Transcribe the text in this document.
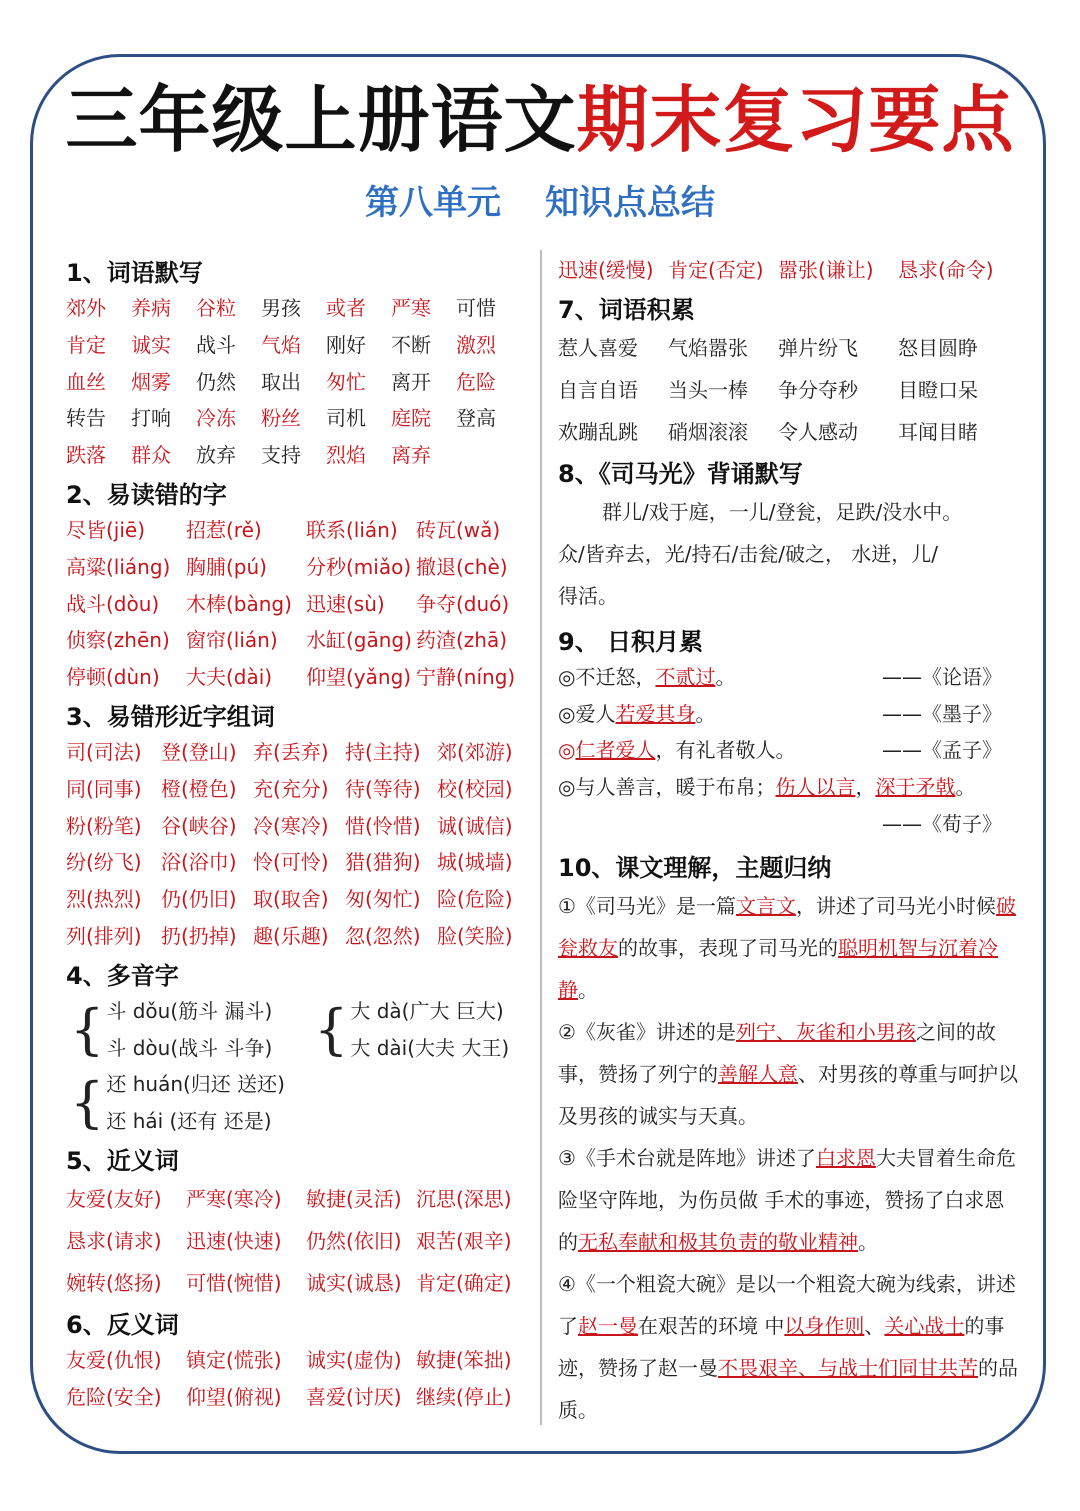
三年级上册语文期末复习要点
第八单元 知识点总结
1、词语默写
郊外	养病	谷粒	男孩	或者	严寒	可惜
肯定	诚实	战斗	气焰	刚好	不断	激烈
血丝	烟雾	仍然	取出	匆忙	离开	危险
转告	打响	冷冻	粉丝	司机	庭院	登高
跌落	群众	放弃	支持	烈焰	离弃
2、易读错的字
尽皆(jiē)	招惹(rě)	联系(lián) 砖瓦(wǎ)
高粱(liáng) 胸脯(pú)	分秒(miǎo) 撤退(chè)
战斗(dòu)	木棒(bàng) 迅速(sù)	争夺(duó)
侦察(zhēn) 窗帘(lián)	水缸(gāng) 药渣(zhā)
停顿(dùn)	大夫(dài)	仰望(yǎng) 宁静(níng)
3、易错形近字组词
司(司法) 登(登山) 弃(丢弃) 持(主持) 郊(郊游)
同(同事) 橙(橙色) 充(充分) 待(等待) 校(校园)
粉(粉笔) 谷(峡谷) 冷(寒冷) 惜(怜惜) 诚(诚信)
纷(纷飞) 浴(浴巾) 怜(可怜) 猎(猎狗) 城(城墙)
烈(热烈) 仍(仍旧) 取(取舍) 匆(匆忙) 险(危险)
列(排列) 扔(扔掉) 趣(乐趣) 忽(忽然) 脸(笑脸)
4、多音字
{ 斗 dǒu(筋斗 漏斗)
斗 dòu(战斗 斗争) { 大 dà(广大 巨大)
大 dài(大夫 大王)
{ 还 huán(归还 送还)
还 hái (还有 还是)
5、近义词
友爱(友好)	严寒(寒冷)	敏捷(灵活) 沉思(深思)
恳求(请求)	迅速(快速)	仍然(依旧) 艰苦(艰辛)
婉转(悠扬)	可惜(惋惜)	诚实(诚恳) 肯定(确定)
6、反义词
友爱(仇恨)	镇定(慌张)	诚实(虚伪) 敏捷(笨拙)
危险(安全)	仰望(俯视)	喜爱(讨厌) 继续(停止)
迅速(缓慢) 肯定(否定) 嚣张(谦让)	恳求(命令)
7、词语积累
惹人喜爱	气焰嚣张	弹片纷飞	怒目圆睁
自言自语	当头一棒	争分夺秒	目瞪口呆
欢蹦乱跳	硝烟滚滚	令人感动	耳闻目睹
8、《司马光》背诵默写
群儿/戏于庭，一儿/登瓮，足跌/没水中。
众/皆弃去，光/持石/击瓮/破之， 水迸，儿/
得活。
9、 日积月累
◎不迁怒，不贰过。	——《论语》
◎爱人若爱其身。	——《墨子》
◎仁者爱人，有礼者敬人。	——《孟子》
◎与人善言，暖于布帛；伤人以言，深于矛戟。
——《荀子》
10、课文理解，主题归纳
①《司马光》是一篇文言文，讲述了司马光小时候破瓮救友的故事，表现了司马光的聪明机智与沉着冷静。
②《灰雀》讲述的是列宁、灰雀和小男孩之间的故事，赞扬了列宁的善解人意、对男孩的尊重与呵护以及男孩的诚实与天真。
③《手术台就是阵地》讲述了白求恩大夫冒着生命危险坚守阵地，为伤员做 手术的事迹，赞扬了白求恩的无私奉献和极其负责的敬业精神。
④《一个粗瓷大碗》是以一个粗瓷大碗为线索，讲述了赵一曼在艰苦的环境 中以身作则、关心战士的事迹，赞扬了赵一曼不畏艰辛、与战士们同甘共苦的品质。
